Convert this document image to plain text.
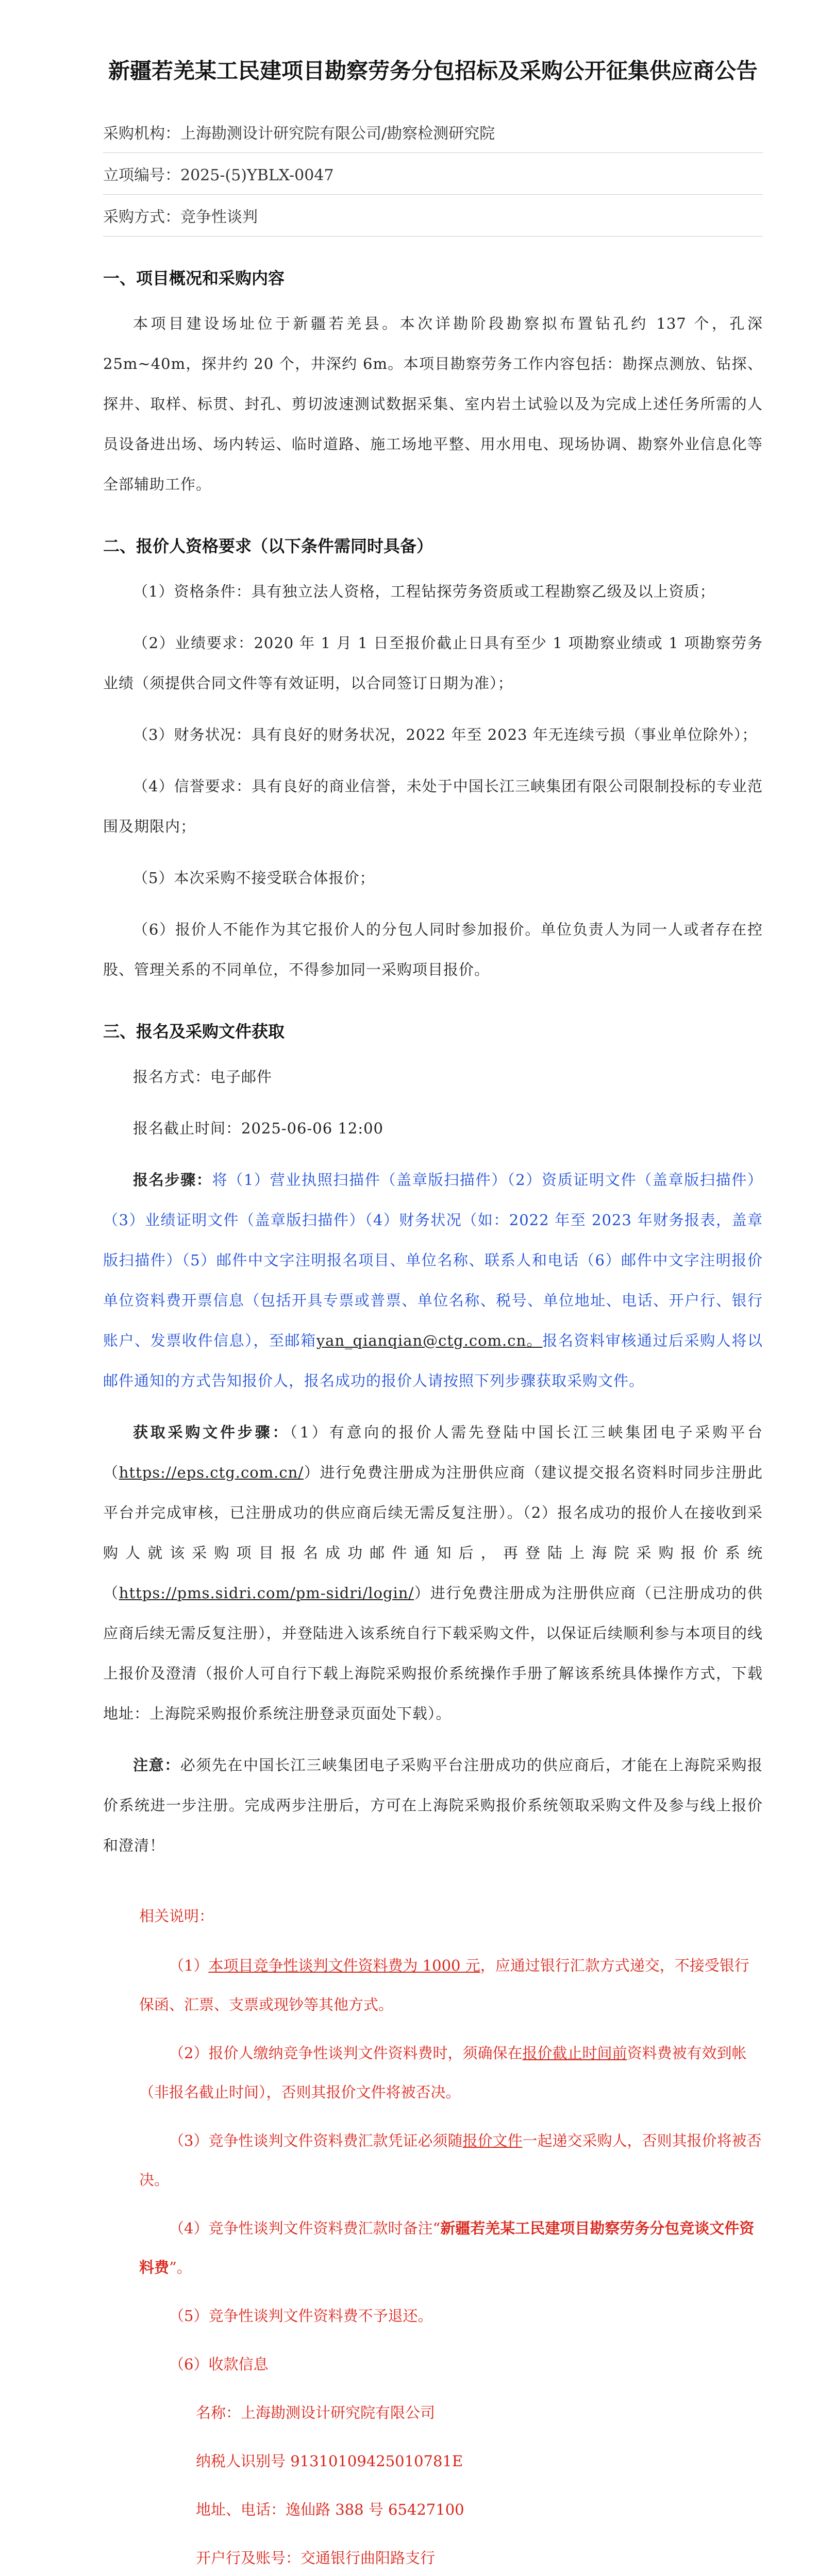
新疆若羌某工民建项目勘察劳务分包招标及采购公开征集供应商公告
采购机构：上海勘测设计研究院有限公司/勘察检测研究院
立项编号：2025-(5)YBLX-0047
采购方式：竞争性谈判
一、项目概况和采购内容

本项目建设场址位于新疆若羌县。本次详勘阶段勘察拟布置钻孔约 137 个，孔深 25m~40m，探井约 20 个，井深约 6m。本项目勘察劳务工作内容包括：勘探点测放、钻探、探井、取样、标贯、封孔、剪切波速测试数据采集、室内岩土试验以及为完成上述任务所需的人员设备进出场、场内转运、临时道路、施工场地平整、用水用电、现场协调、勘察外业信息化等全部辅助工作。

二、报价人资格要求（以下条件需同时具备）

（1）资格条件：具有独立法人资格，工程钻探劳务资质或工程勘察乙级及以上资质；

（2）业绩要求：2020 年 1 月 1 日至报价截止日具有至少 1 项勘察业绩或 1 项勘察劳务业绩（须提供合同文件等有效证明，以合同签订日期为准）；

（3）财务状况：具有良好的财务状况，2022 年至 2023 年无连续亏损（事业单位除外）；

（4）信誉要求：具有良好的商业信誉，未处于中国长江三峡集团有限公司限制投标的专业范围及期限内；

（5）本次采购不接受联合体报价；

（6）报价人不能作为其它报价人的分包人同时参加报价。单位负责人为同一人或者存在控股、管理关系的不同单位，不得参加同一采购项目报价。

三、报名及采购文件获取

报名方式：电子邮件

报名截止时间：2025-06-06 12:00

报名步骤：将（1）营业执照扫描件（盖章版扫描件）（2）资质证明文件（盖章版扫描件）（3）业绩证明文件（盖章版扫描件）（4）财务状况（如：2022 年至 2023 年财务报表，盖章版扫描件）（5）邮件中文字注明报名项目、单位名称、联系人和电话（6）邮件中文字注明报价单位资料费开票信息（包括开具专票或普票、单位名称、税号、单位地址、电话、开户行、银行账户、发票收件信息），至邮箱yan_qianqian@ctg.com.cn。报名资料审核通过后采购人将以邮件通知的方式告知报价人，报名成功的报价人请按照下列步骤获取采购文件。

获取采购文件步骤：（1）有意向的报价人需先登陆中国长江三峡集团电子采购平台（https://eps.ctg.com.cn/）进行免费注册成为注册供应商（建议提交报名资料时同步注册此平台并完成审核，已注册成功的供应商后续无需反复注册）。（2）报名成功的报价人在接收到采购人就该采购项目报名成功邮件通知后，再登陆上海院采购报价系统（https://pms.sidri.com/pm-sidri/login/）进行免费注册成为注册供应商（已注册成功的供应商后续无需反复注册），并登陆进入该系统自行下载采购文件，以保证后续顺利参与本项目的线上报价及澄清（报价人可自行下载上海院采购报价系统操作手册了解该系统具体操作方式，下载地址：上海院采购报价系统注册登录页面处下载）。

注意：必须先在中国长江三峡集团电子采购平台注册成功的供应商后，才能在上海院采购报价系统进一步注册。完成两步注册后，方可在上海院采购报价系统领取采购文件及参与线上报价和澄清！

相关说明：

（1）本项目竞争性谈判文件资料费为 1000 元，应通过银行汇款方式递交，不接受银行保函、汇票、支票或现钞等其他方式。

（2）报价人缴纳竞争性谈判文件资料费时，须确保在报价截止时间前资料费被有效到帐（非报名截止时间），否则其报价文件将被否决。

（3）竞争性谈判文件资料费汇款凭证必须随报价文件一起递交采购人，否则其报价将被否决。

（4）竞争性谈判文件资料费汇款时备注“新疆若羌某工民建项目勘察劳务分包竞谈文件资料费”。

（5）竞争性谈判文件资料费不予退还。

（6）收款信息

名称：上海勘测设计研究院有限公司

纳税人识别号 91310109425010781E

地址、电话：逸仙路 388 号 65427100

开户行及账号：交通银行曲阳路支行
